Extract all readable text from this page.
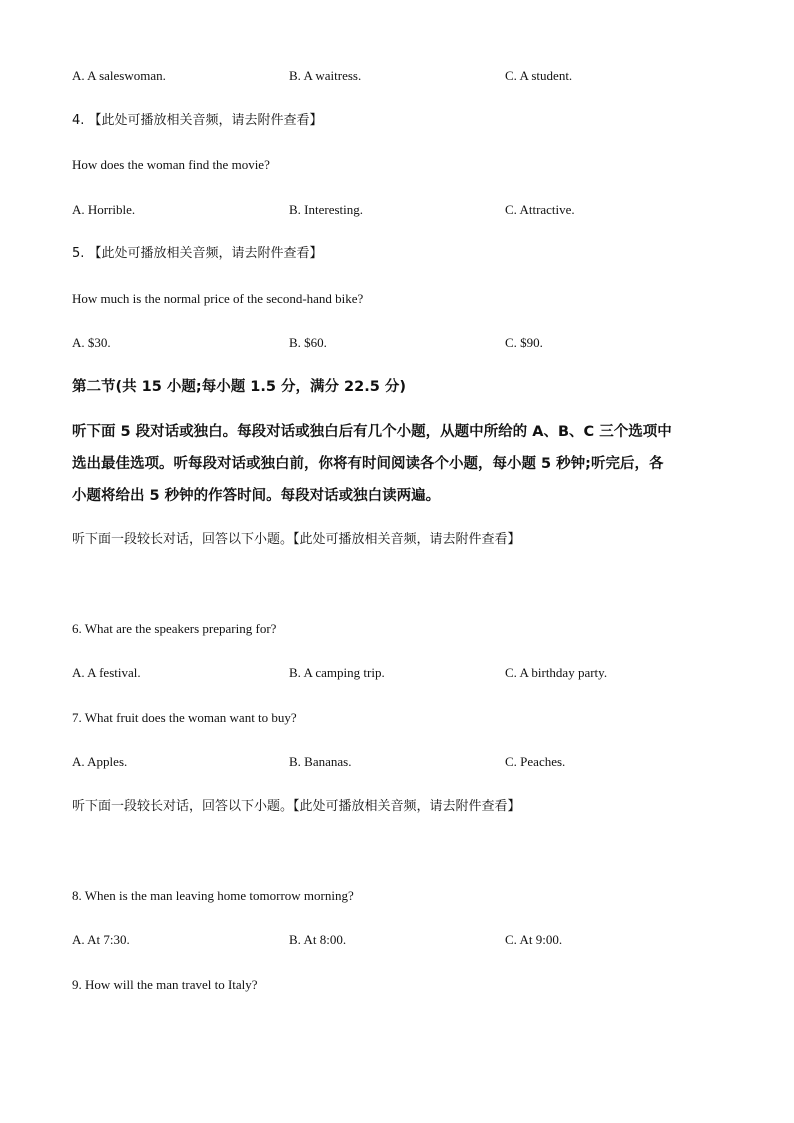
A. A saleswoman.	B. A waitress.	C. A student.
4. 【此处可播放相关音频，请去附件查看】
How does the woman find the movie?
A. Horrible.	B. Interesting.	C. Attractive.
5. 【此处可播放相关音频，请去附件查看】
How much is the normal price of the second-hand bike?
A. $30.	B. $60.	C. $90.
第二节(共 15 小题;每小题 1.5 分，满分 22.5 分)
听下面 5 段对话或独白。每段对话或独白后有几个小题，从题中所给的 A、B、C 三个选项中
选出最佳选项。听每段对话或独白前，你将有时间阅读各个小题，每小题 5 秒钟;听完后，各
小题将给出 5 秒钟的作答时间。每段对话或独白读两遍。
听下面一段较长对话，回答以下小题。【此处可播放相关音频，请去附件查看】
6. What are the speakers preparing for?
A. A festival.	B. A camping trip.	C. A birthday party.
7. What fruit does the woman want to buy?
A. Apples.	B. Bananas.	C. Peaches.
听下面一段较长对话，回答以下小题。【此处可播放相关音频，请去附件查看】
8. When is the man leaving home tomorrow morning?
A. At 7:30.	B. At 8:00.	C. At 9:00.
9. How will the man travel to Italy?
